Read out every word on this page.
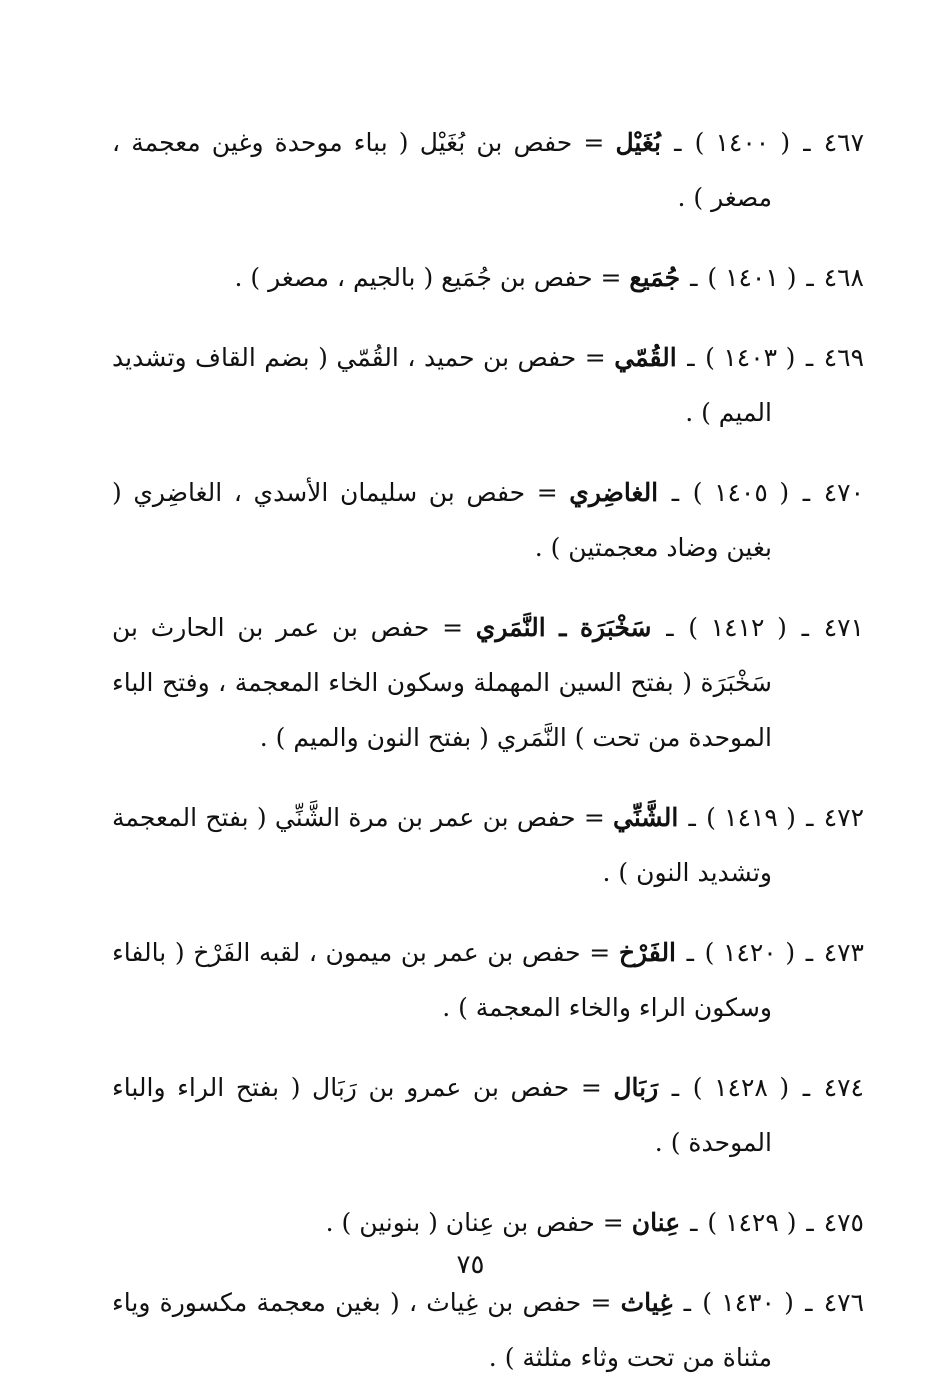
٤٦٧ ـ ( ١٤٠٠ ) ـ بُغَيْل = حفص بن بُغَيْل ( بباء موحدة وغين معجمة ، مصغر ) .

٤٦٨ ـ ( ١٤٠١ ) ـ جُمَيع = حفص بن جُمَيع ( بالجيم ، مصغر ) .

٤٦٩ ـ ( ١٤٠٣ ) ـ القُمّي = حفص بن حميد ، القُمّي ( بضم القاف وتشديد الميم ) .

٤٧٠ ـ ( ١٤٠٥ ) ـ الغاضِري = حفص بن سليمان الأسدي ، الغاضِري ( بغين وضاد معجمتين ) .

٤٧١ ـ ( ١٤١٢ ) ـ سَخْبَرَة ـ النَّمَري = حفص بن عمر بن الحارث بن سَخْبَرَة ( بفتح السين المهملة وسكون الخاء المعجمة ، وفتح الباء الموحدة من تحت ) النَّمَري ( بفتح النون والميم ) .

٤٧٢ ـ ( ١٤١٩ ) ـ الشَّنِّي = حفص بن عمر بن مرة الشَّنِّي ( بفتح المعجمة وتشديد النون ) .

٤٧٣ ـ ( ١٤٢٠ ) ـ الفَرْخ = حفص بن عمر بن ميمون ، لقبه الفَرْخ ( بالفاء وسكون الراء والخاء المعجمة ) .

٤٧٤ ـ ( ١٤٢٨ ) ـ رَبَال = حفص بن عمرو بن رَبَال ( بفتح الراء والباء الموحدة ) .

٤٧٥ ـ ( ١٤٢٩ ) ـ عِنان = حفص بن عِنان ( بنونين ) .

٤٧٦ ـ ( ١٤٣٠ ) ـ غِياث = حفص بن غِياث ، ( بغين معجمة مكسورة وياء مثناة من تحت وثاء مثلثة ) .

٧٥
